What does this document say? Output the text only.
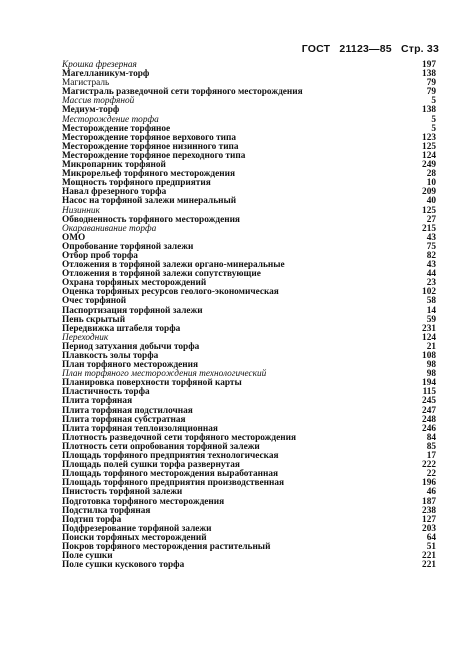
ГОСТ 21123—85 Стр. 33
Крошка фрезерная	197
Магелланикум-торф	138
Магистраль	79
Магистраль разведочной сети торфяного месторождения	79
Массив торфяной	5
Медиум-торф	138
Месторождение торфа	5
Месторождение торфяное	5
Месторождение торфяное верхового типа	123
Месторождение торфяное низинного типа	125
Месторождение торфяное переходного типа	124
Микропарник торфяной	249
Микрорельеф торфяного месторождения	28
Мощность торфяного предприятия	10
Навал фрезерного торфа	209
Насос на торфяной залежи минеральный	40
Низинник	125
Обводненность торфяного месторождения	27
Окараванивание торфа	215
ОМО	43
Опробование торфяной залежи	75
Отбор проб торфа	82
Отложения в торфяной залежи органо-минеральные	43
Отложения в торфяной залежи сопутствующие	44
Охрана торфяных месторождений	23
Оценка торфяных ресурсов геолого-экономическая	102
Очес торфяной	58
Паспортизация торфяной залежи	14
Пень скрытый	59
Передвижка штабеля торфа	231
Переходник	124
Период затухания добычи торфа	21
Плавкость золы торфа	108
План торфяного месторождения	98
План торфяного месторождения технологический	98
Планировка поверхности торфяной карты	194
Пластичность торфа	115
Плита торфяная	245
Плита торфяная подстилочная	247
Плита торфяная субстратная	248
Плита торфяная теплоизоляционная	246
Плотность разведочной сети торфяного месторождения	84
Плотность сети опробования торфяной залежи	85
Площадь торфяного предприятия технологическая	17
Площадь полей сушки торфа развернутая	222
Площадь торфяного месторождения выработанная	22
Площадь торфяного предприятия производственная	196
Пнистость торфяной залежи	46
Подготовка торфяного месторождения	187
Подстилка торфяная	238
Подтип торфа	127
Подфрезерование торфяной залежи	203
Поиски торфяных месторождений	64
Покров торфяного месторождения растительный	51
Поле сушки	221
Поле сушки кускового торфа	221
